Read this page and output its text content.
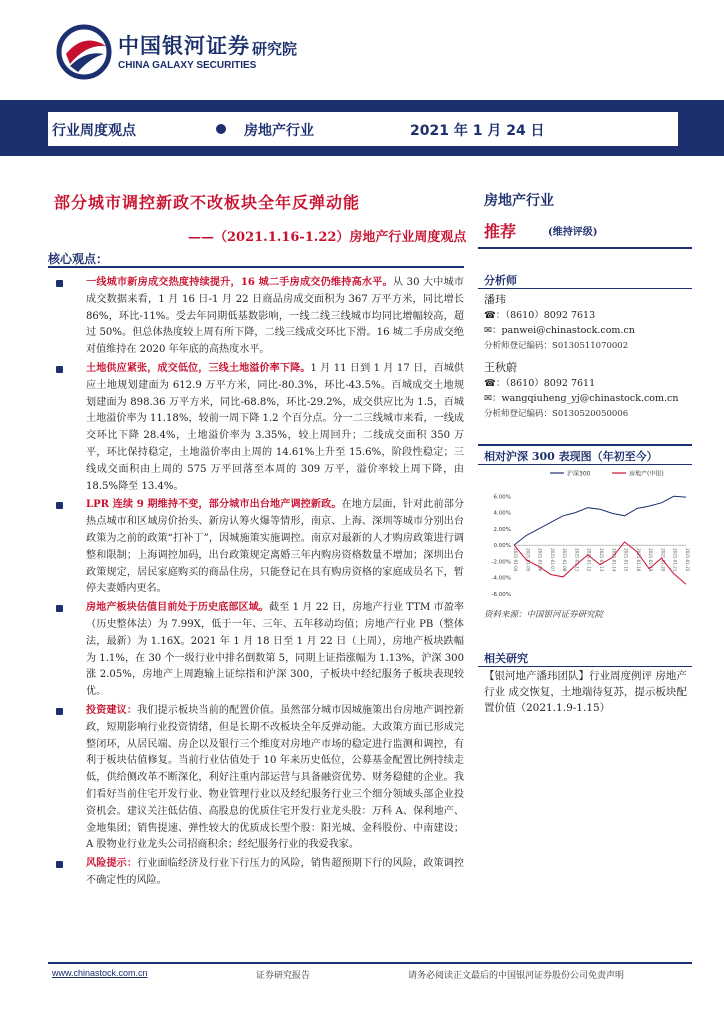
中国银河证券 研究院
CHINA GALAXY SECURITIES
行业周度观点	房地产行业	2021 年 1 月 24 日
部分城市调控新政不改板块全年反弹动能
——（2021.1.16-1.22）房地产行业周度观点
核心观点：
一线城市新房成交热度持续提升，16 城二手房成交仍维持高水平。从 30 大中城市成交数据来看，1 月 16 日-1 月 22 日商品房成交面积为 367 万平方米，同比增长 86%，环比-11%。受去年同期低基数影响，一线二线三线城市均同比增幅较高，超过 50%。但总体热度较上周有所下降，二线三线成交环比下滑。16 城二手房成交绝对值维持在 2020 年年底的高热度水平。
土地供应紧张，成交低位，三线土地溢价率下降。1 月 11 日到 1 月 17 日，百城供应土地规划建面为 612.9 万平方米，同比-80.3%，环比-43.5%。百城成交土地规划建面为 898.36 万平方米，同比-68.8%，环比-29.2%，成交供应比为 1.5，百城土地溢价率为 11.18%，较前一周下降 1.2 个百分点。分一二三线城市来看，一线成交环比下降 28.4%，土地溢价率为 3.35%，较上周回升；二线成交面积 350 万平，环比保持稳定，土地溢价率由上周的 14.61%上升至 15.6%，阶段性稳定；三线成交面积由上周的 575 万平回落至本周的 309 万平，溢价率较上周下降，由 18.5%降至 13.4%。
LPR 连续 9 期维持不变，部分城市出台地产调控新政。在地方层面，针对此前部分热点城市和区域房价抬头、新房认筹火爆等情形，南京、上海、深圳等城市分别出台政策为之前的政策“打补丁”，因城施策实施调控。南京对最新的人才购房政策进行调整和限制；上海调控加码，出台政策规定离婚三年内购房资格数量不增加；深圳出台政策规定，居民家庭购买的商品住房，只能登记在具有购房资格的家庭成员名下，暂停夫妻婚内更名。
房地产板块估值目前处于历史底部区域。截至 1 月 22 日，房地产行业 TTM 市盈率（历史整体法）为 7.99X，低于一年、三年、五年移动均值；房地产行业 PB（整体法，最新）为 1.16X。2021 年 1 月 18 日至 1 月 22 日（上周），房地产板块跌幅为 1.1%，在 30 个一级行业中排名倒数第 5，同期上证指涨幅为 1.13%，沪深 300 涨 2.05%，房地产上周跑输上证综指和沪深 300，子板块中经纪服务子板块表现较优。
投资建议：我们提示板块当前的配置价值。虽然部分城市因城施策出台房地产调控新政，短期影响行业投资情绪，但是长期不改板块全年反弹动能。大政策方面已形成完整闭环，从居民端、房企以及银行三个维度对房地产市场的稳定进行监测和调控，有利于板块估值修复。当前行业估值处于 10 年来历史低位，公募基金配置比例持续走低，供给侧改革不断深化，利好注重内部运营与具备融资优势、财务稳健的企业。我们看好当前住宅开发行业、物业管理行业以及经纪服务行业三个细分领域头部企业投资机会。建议关注低估值、高股息的优质住宅开发行业龙头股：万科 A、保利地产、金地集团；销售提速、弹性较大的优质成长型个股：阳光城、金科股份、中南建设；A 股物业行业龙头公司招商积余；经纪服务行业的我爱我家。
风险提示：行业面临经济及行业下行压力的风险，销售超预期下行的风险，政策调控不确定性的风险。
房地产行业
推荐	(维持评级)
分析师
潘玮
☎：（8610）8092 7613
✉：panwei@chinastock.com.cn
分析师登记编码：S0130511070002
王秋蔚
☎：（8610）8092 7611
✉：wangqiuheng_yj@chinastock.com.cn
分析师登记编码：S0130520050006
相对沪深 300 表现图（年初至今）
沪深300	房地产(申银)
6.00%
4.00%
2.00%
0.00%
-2.00%
-4.00%
-6.00%
2021-01-04 2021-01-05 2021-01-06 2021-01-07 2021-01-08 2021-01-11 2021-01-12 2021-01-13 2021-01-14 2021-01-15 2021-01-18 2021-01-19 2021-01-20 2021-01-21 2021-01-22
资料来源：中国银河证券研究院
相关研究
【银河地产潘玮团队】行业周度例评 房地产行业 成交恢复，土地端待复苏，提示板块配置价值（2021.1.9-1.15）
www.chinastock.com.cn	证券研究报告	请务必阅读正文最后的中国银河证券股份公司免责声明
